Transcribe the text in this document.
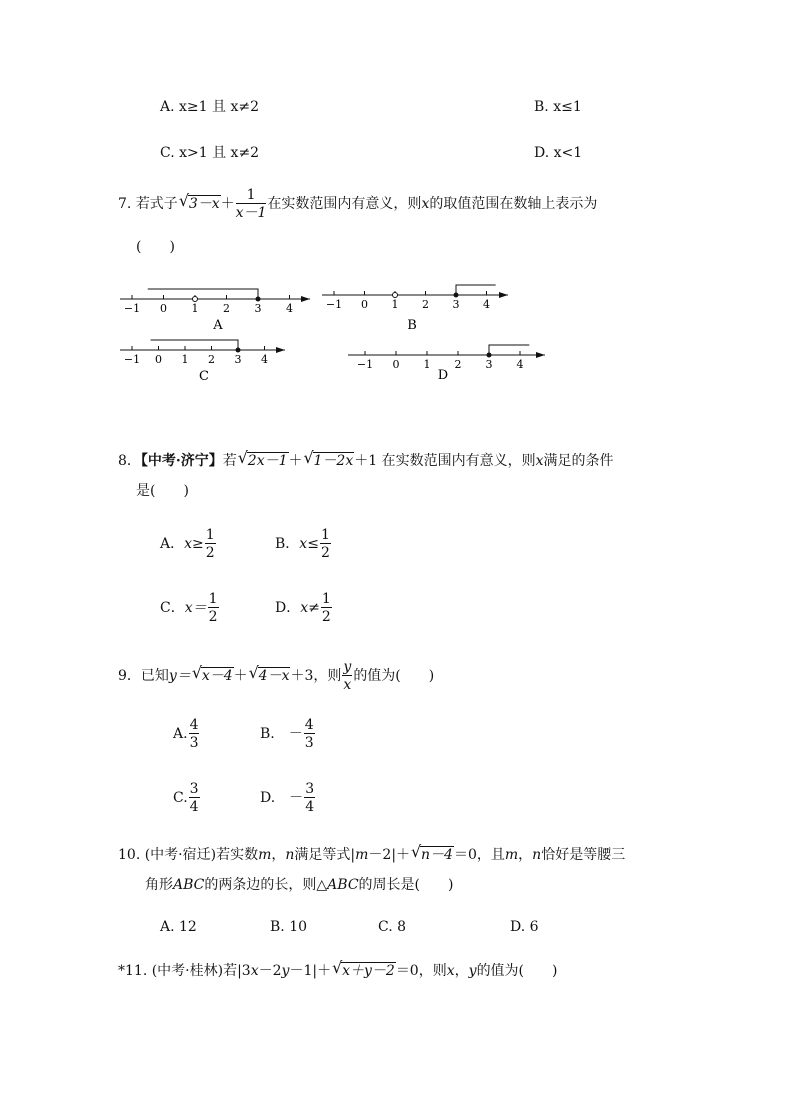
A. x≥1 且 x≠2	B. x≤1
C. x>1 且 x≠2	D. x<1
7. 若式子 √ $3-x+ \frac{1}{x-1}$ 在实数范围内有意义，则x的取值范围在数轴上表示为
(　　)
−1 0 1 2 3 4
A
−1 0 1 2 3 4
B
−1 0 1 2 3 4
C
−1 0 1 2 3 4
D
8．【中考·济宁】若 √ 2x－1＋ √ 1－2x＋1 在实数范围内有意义，则x满足的条件
是(　　)
A．$x\ge \frac{1}{2}$	B．$x\le \frac{1}{2}$
C．$x= \frac{1}{2}$	D．$x\ne \frac{1}{2}$
9．已知y＝ √ x－4＋ √ 4－x＋3，则 $\frac{y}{x}$ 的值为(　　)
A. $\frac{4}{3}$	B.　－ $\frac{4}{3}$
C. $\frac{3}{4}$	D.　－ $\frac{3}{4}$
10. (中考·宿迁)若实数m，n满足等式|m－2|＋ √ n－4＝0，且m，n恰好是等腰三
角形ABC的两条边的长，则△ABC的周长是(　　)
A. 12	B. 10	C. 8	D. 6
*11. (中考·桂林)若|3x－2y－1|＋ √ x＋y－2＝0，则x，y的值为(　　)
